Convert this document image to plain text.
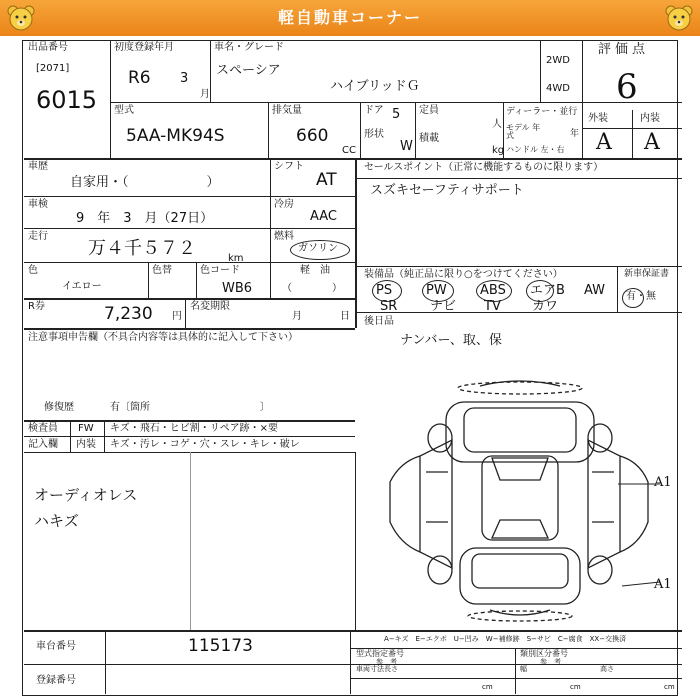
軽自動車コーナー
出品番号
[2071]
6015
初度登録年月
R6 3
月
車名・グレード
スペーシア
ハイブリッドＧ
2WD
4WD
評価点
6
型式
5AA-MK94S
排気量
660
CC
ドア 5
形状
W
定員
人
積載
kg
ディーラー・並行
モデル 年式	年
ハンドル 左・右
外装	内装
A A
車歴
自家用・（　　　　　　）
車検
9　年　3　月（27日）
走行
万４千５７２	km
色
イエロー
色替	色コード
WB6
シフト
AT
冷房
AAC
燃料
ガソリン
軽　油
（　　　　）
R券	7,230 円
名変期限
月	日
セールスポイント（正常に機能するものに限ります）
スズキセーフティサポート
装備品（純正品に限り○をつけてください）	新車保証書
有・無
PS	PW	ABS エアB AW
SR	ナビ TV カワ
後日品
ナンバー、取、保
注意事項申告欄（不具合内容等は具体的に記入して下さい）
修復歴	有〔箇所　　　　　　　　　　　〕
検査員
記入欄
FW
内装
キズ・飛石・ヒビ割・リペア跡・×要
キズ・汚レ・コゲ・穴・スレ・キレ・破レ
オーディオレス
ハキズ
A1
A1
車台番号	115173
登録番号
A−キズ　E−エクボ　U−凹み　W−補修跡　S−サビ　C−腐食　XX−交換済
型式指定番号
参　考
類別区分番号
参　考
車両寸法長さ
cm
幅
cm
高さ
cm
